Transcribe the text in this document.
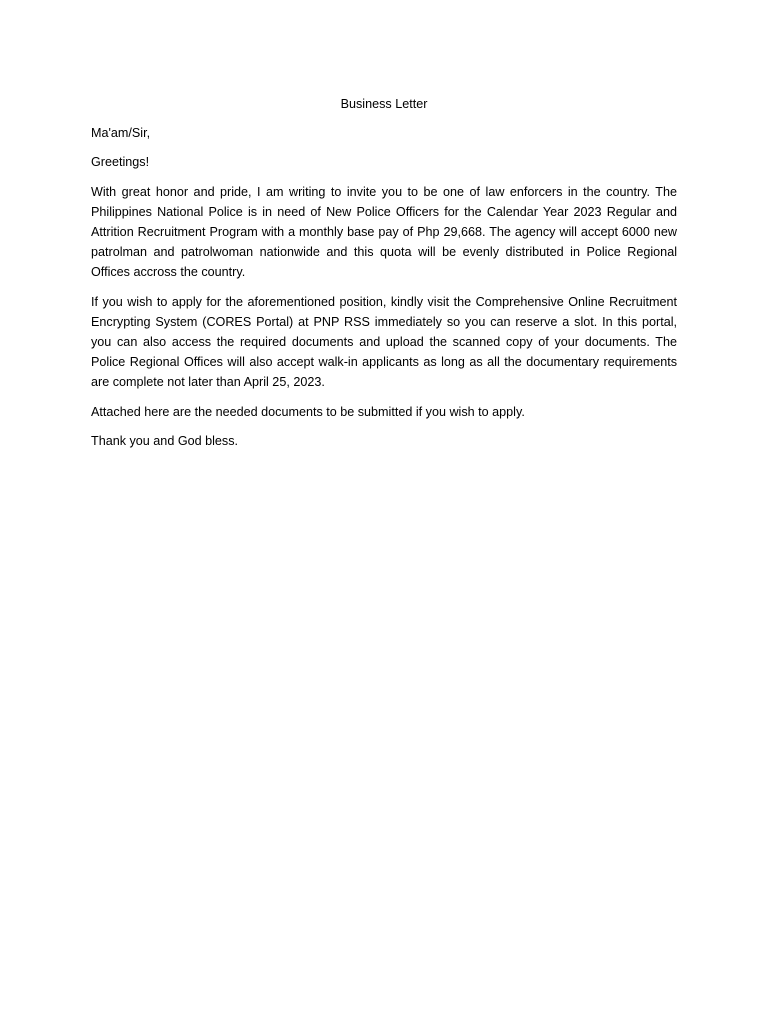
Business Letter
Ma'am/Sir,
Greetings!

With great honor and pride, I am writing to invite you to be one of law enforcers in the country. The Philippines National Police is in need of New Police Officers for the Calendar Year 2023 Regular and Attrition Recruitment Program with a monthly base pay of Php 29,668. The agency will accept 6000 new patrolman and patrolwoman nationwide and this quota will be evenly distributed in Police Regional Offices accross the country.

If you wish to apply for the aforementioned position, kindly visit the Comprehensive Online Recruitment Encrypting System (CORES Portal) at PNP RSS immediately so you can reserve a slot. In this portal, you can also access the required documents and upload the scanned copy of your documents. The Police Regional Offices will also accept walk-in applicants as long as all the documentary requirements are complete not later than April 25, 2023.

Attached here are the needed documents to be submitted if you wish to apply.

Thank you and God bless.
